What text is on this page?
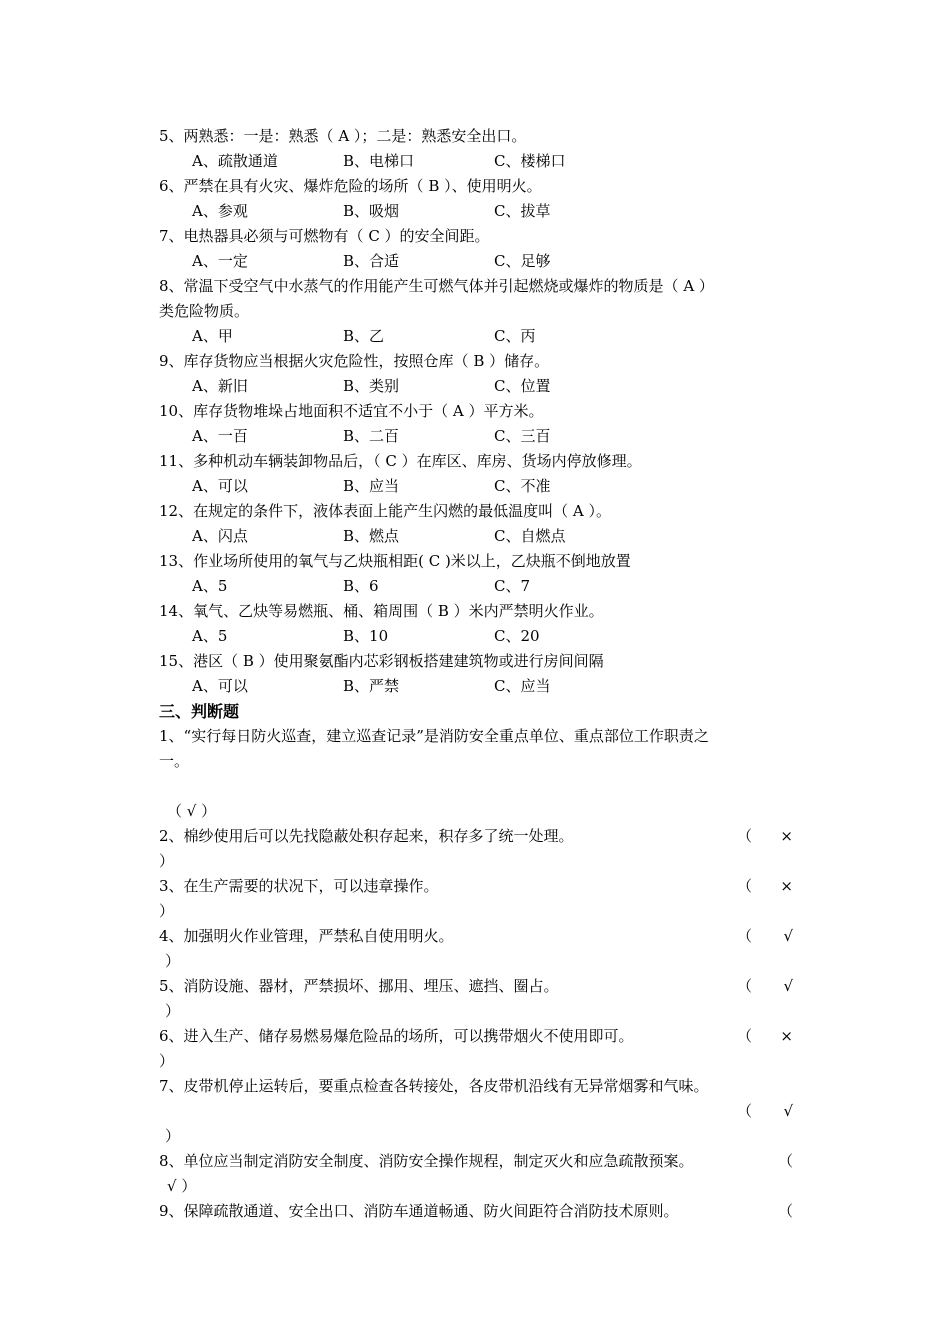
5、两熟悉：一是：熟悉（ A ）；二是：熟悉安全出口。
A、疏散通道	B、电梯口	C、楼梯口
6、严禁在具有火灾、爆炸危险的场所（ B ）、使用明火。
A、参观	B、吸烟	C、拔草
7、电热器具必须与可燃物有（ C ）的安全间距。
A、一定	B、合适	C、足够
8、常温下受空气中水蒸气的作用能产生可燃气体并引起燃烧或爆炸的物质是（ A ）
类危险物质。
A、甲	B、乙	C、丙
9、库存货物应当根据火灾危险性，按照仓库（ B ）储存。
A、新旧	B、类别	C、位置
10、库存货物堆垛占地面积不适宜不小于（ A ）平方米。
A、一百	B、二百	C、三百
11、多种机动车辆装卸物品后，（ C ）在库区、库房、货场内停放修理。
A、可以	B、应当	C、不准
12、在规定的条件下，液体表面上能产生闪燃的最低温度叫（ A ）。
A、闪点	B、燃点	C、自燃点
13、作业场所使用的氧气与乙炔瓶相距( C )米以上，乙炔瓶不倒地放置
A、5	B、6	C、7
14、氧气、乙炔等易燃瓶、桶、箱周围（ B ）米内严禁明火作业。
A、5	B、10	C、20
15、港区（ B ）使用聚氨酯内芯彩钢板搭建建筑物或进行房间间隔
A、可以	B、严禁	C、应当
三、判断题
1、“实行每日防火巡查，建立巡查记录”是消防安全重点单位、重点部位工作职责之
一。
（ √ ）
2、棉纱使用后可以先找隐蔽处积存起来，积存多了统一处理。	（ ×
）
3、在生产需要的状况下，可以违章操作。	（ ×
）
4、加强明火作业管理，严禁私自使用明火。	（ √
）
5、消防设施、器材，严禁损坏、挪用、埋压、遮挡、圈占。	（ √
）
6、进入生产、储存易燃易爆危险品的场所，可以携带烟火不使用即可。	（ ×
）
7、皮带机停止运转后，要重点检查各转接处，各皮带机沿线有无异常烟雾和气味。
（ √
）
8、单位应当制定消防安全制度、消防安全操作规程，制定灭火和应急疏散预案。	（
√ ）
9、保障疏散通道、安全出口、消防车通道畅通、防火间距符合消防技术原则。	（
